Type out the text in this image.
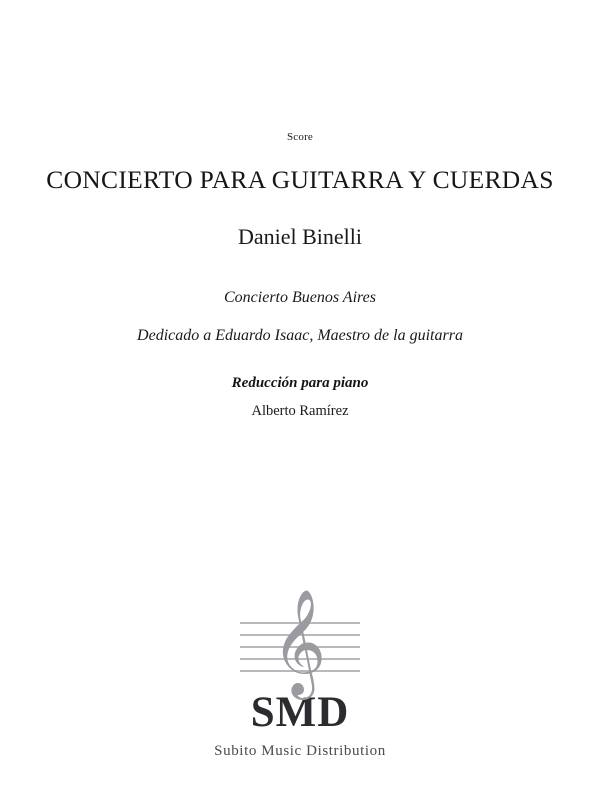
Score
CONCIERTO PARA GUITARRA Y CUERDAS
Daniel Binelli
Concierto Buenos Aires
Dedicado a Eduardo Isaac, Maestro de la guitarra
Reducción para piano
Alberto Ramírez
𝄞
SMD
Subito Music Distribution
